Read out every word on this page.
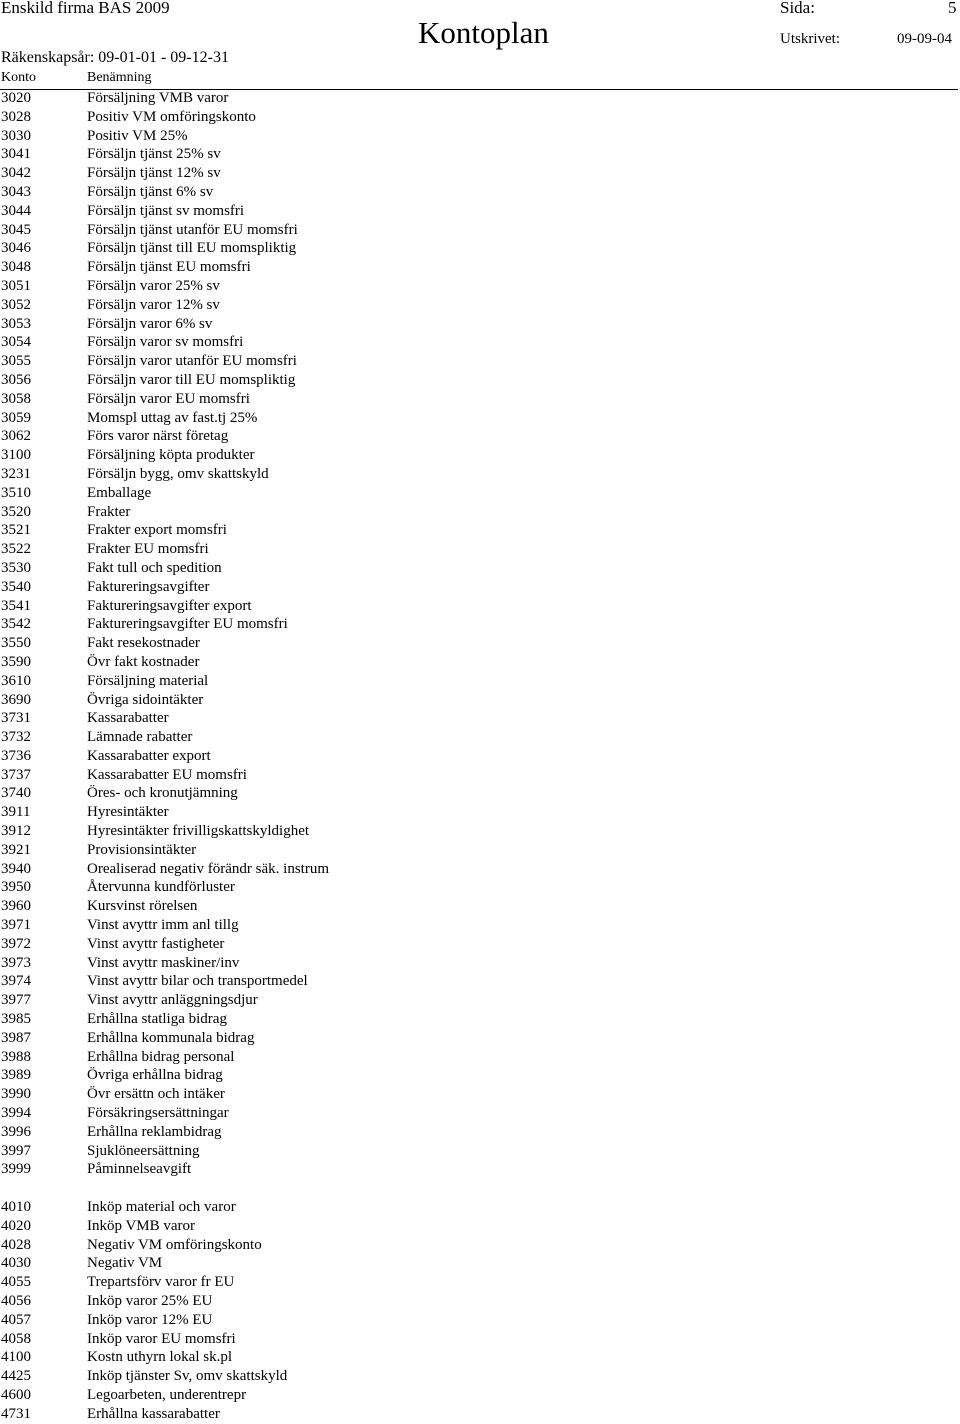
Enskild firma BAS 2009	Sida:	5
Kontoplan
Räkenskapsår: 09-01-01 - 09-12-31
Utskrivet:	09-09-04
Konto	Benämning
3020	Försäljning VMB varor
3028	Positiv VM omföringskonto
3030	Positiv VM 25%
3041	Försäljn tjänst 25% sv
3042	Försäljn tjänst 12% sv
3043	Försäljn tjänst 6% sv
3044	Försäljn tjänst sv momsfri
3045	Försäljn tjänst utanför EU momsfri
3046	Försäljn tjänst till EU momspliktig
3048	Försäljn tjänst EU momsfri
3051	Försäljn varor 25% sv
3052	Försäljn varor 12% sv
3053	Försäljn varor 6% sv
3054	Försäljn varor sv momsfri
3055	Försäljn varor utanför EU momsfri
3056	Försäljn varor till EU momspliktig
3058	Försäljn varor EU momsfri
3059	Momspl uttag av fast.tj 25%
3062	Förs varor närst företag
3100	Försäljning köpta produkter
3231	Försäljn bygg, omv skattskyld
3510	Emballage
3520	Frakter
3521	Frakter export momsfri
3522	Frakter EU momsfri
3530	Fakt tull och spedition
3540	Faktureringsavgifter
3541	Faktureringsavgifter export
3542	Faktureringsavgifter EU momsfri
3550	Fakt resekostnader
3590	Övr fakt kostnader
3610	Försäljning material
3690	Övriga sidointäkter
3731	Kassarabatter
3732	Lämnade rabatter
3736	Kassarabatter export
3737	Kassarabatter EU momsfri
3740	Öres- och kronutjämning
3911	Hyresintäkter
3912	Hyresintäkter frivilligskattskyldighet
3921	Provisionsintäkter
3940	Orealiserad negativ förändr säk. instrum
3950	Återvunna kundförluster
3960	Kursvinst rörelsen
3971	Vinst avyttr imm anl tillg
3972	Vinst avyttr fastigheter
3973	Vinst avyttr maskiner/inv
3974	Vinst avyttr bilar och transportmedel
3977	Vinst avyttr anläggningsdjur
3985	Erhållna statliga bidrag
3987	Erhållna kommunala bidrag
3988	Erhållna bidrag personal
3989	Övriga erhållna bidrag
3990	Övr ersättn och intäker
3994	Försäkringsersättningar
3996	Erhållna reklambidrag
3997	Sjuklöneersättning
3999	Påminnelseavgift
4010	Inköp material och varor
4020	Inköp VMB varor
4028	Negativ VM omföringskonto
4030	Negativ VM
4055	Trepartsförv varor fr EU
4056	Inköp varor 25% EU
4057	Inköp varor 12% EU
4058	Inköp varor EU momsfri
4100	Kostn uthyrn lokal sk.pl
4425	Inköp tjänster Sv, omv skattskyld
4600	Legoarbeten, underentrepr
4731	Erhållna kassarabatter
